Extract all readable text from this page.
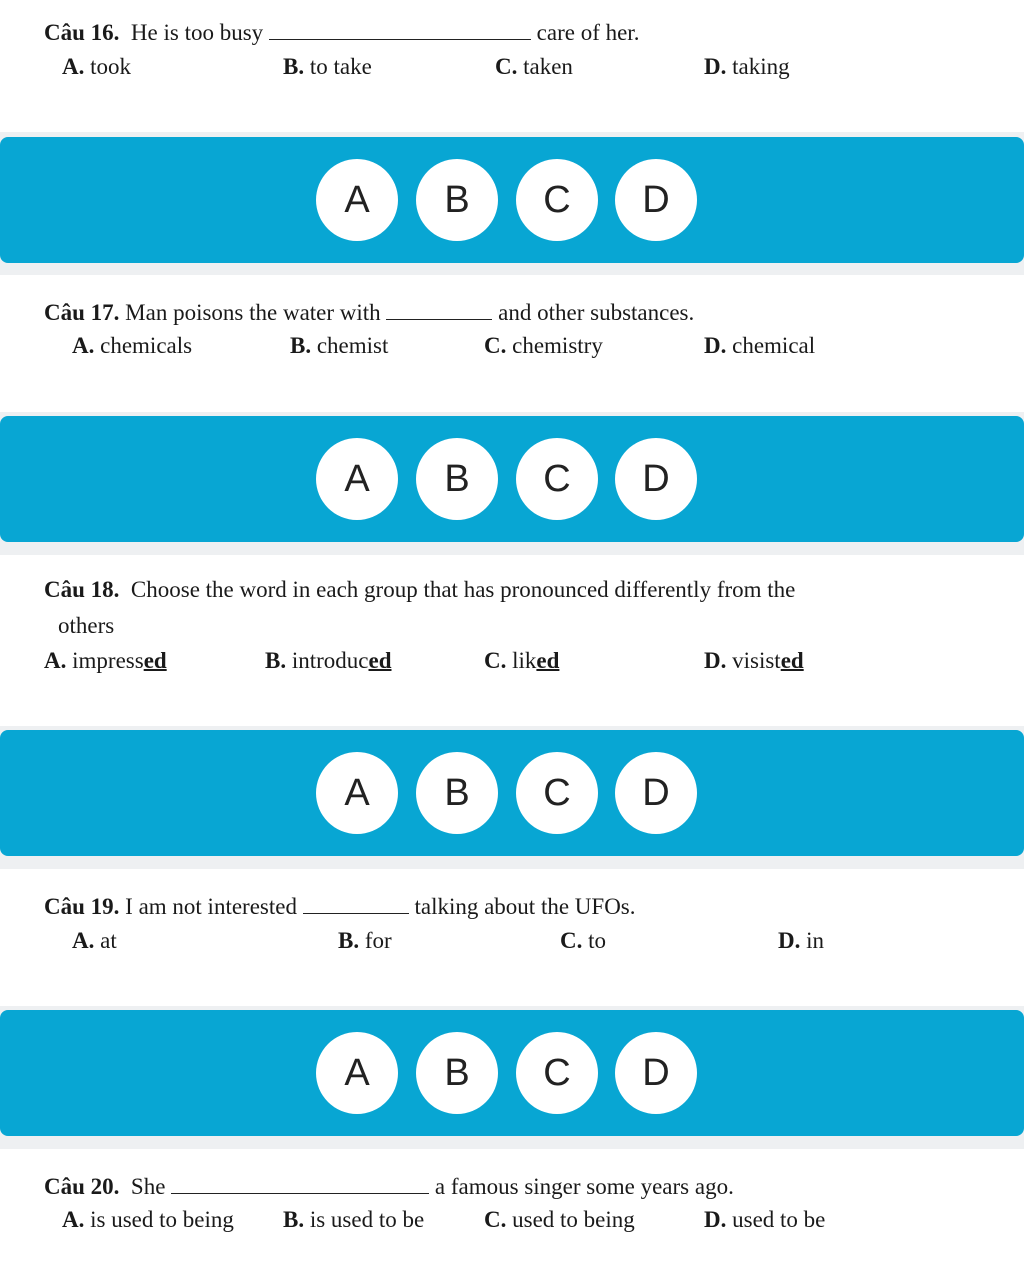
Câu 16. He is too busy	care of her.
A. took	B. to take	C. taken	D. taking
A	B	C	D
Câu 17. Man poisons the water with	and other substances.
A. chemicals	B. chemist	C. chemistry	D. chemical
A	B	C	D
Câu 18. Choose the word in each group that has pronounced differently from the
others
A. impressed	B. introduced	C. liked	D. visisted
A	B	C	D
Câu 19. I am not interested	talking about the UFOs.
A. at	B. for	C. to	D. in
A	B	C	D
Câu 20. She	a famous singer some years ago.
A. is used to being B. is used to be	C. used to being	D. used to be
